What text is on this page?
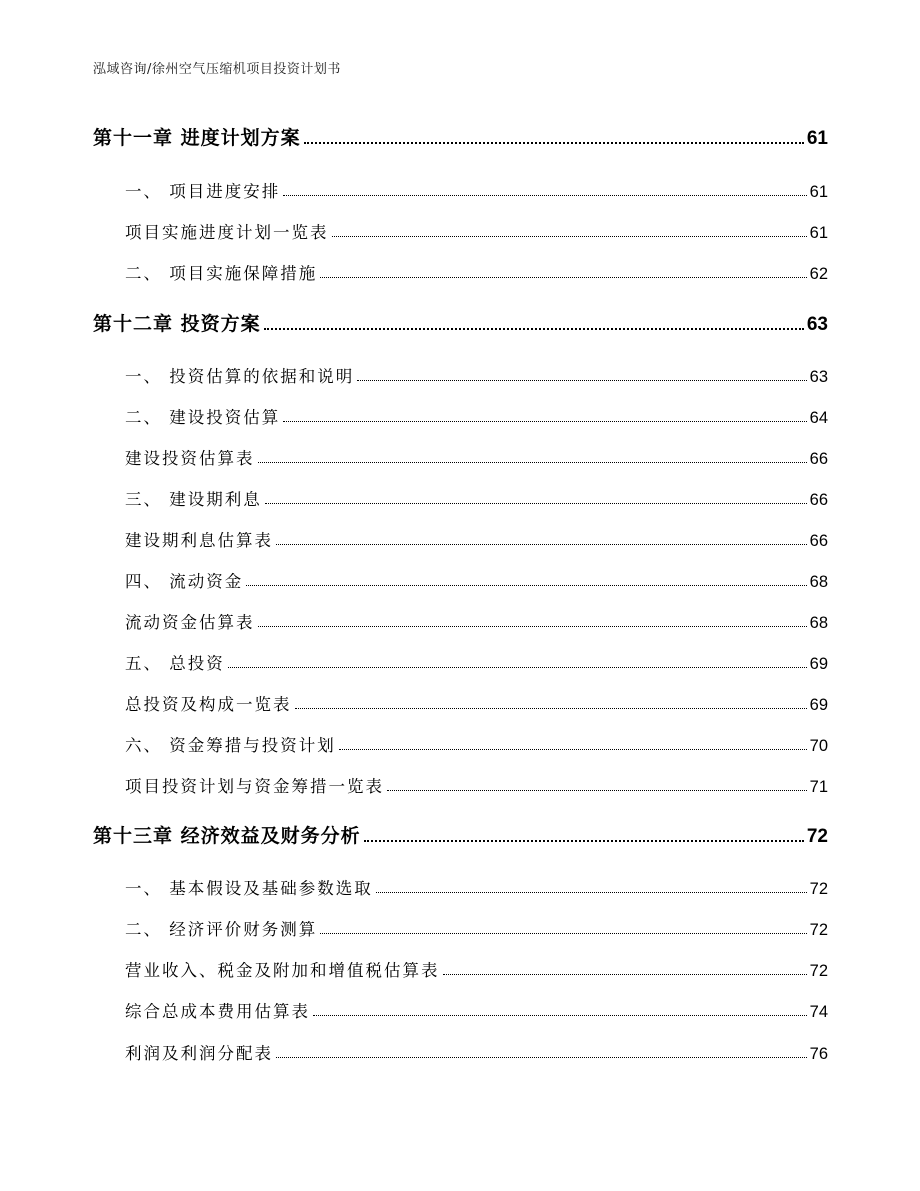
泓域咨询/徐州空气压缩机项目投资计划书
第十一章 进度计划方案	61
一、 项目进度安排	61
项目实施进度计划一览表	61
二、 项目实施保障措施	62
第十二章 投资方案	63
一、 投资估算的依据和说明	63
二、 建设投资估算	64
建设投资估算表	66
三、 建设期利息	66
建设期利息估算表	66
四、 流动资金	68
流动资金估算表	68
五、 总投资	69
总投资及构成一览表	69
六、 资金筹措与投资计划	70
项目投资计划与资金筹措一览表	71
第十三章 经济效益及财务分析	72
一、 基本假设及基础参数选取	72
二、 经济评价财务测算	72
营业收入、税金及附加和增值税估算表	72
综合总成本费用估算表	74
利润及利润分配表	76
